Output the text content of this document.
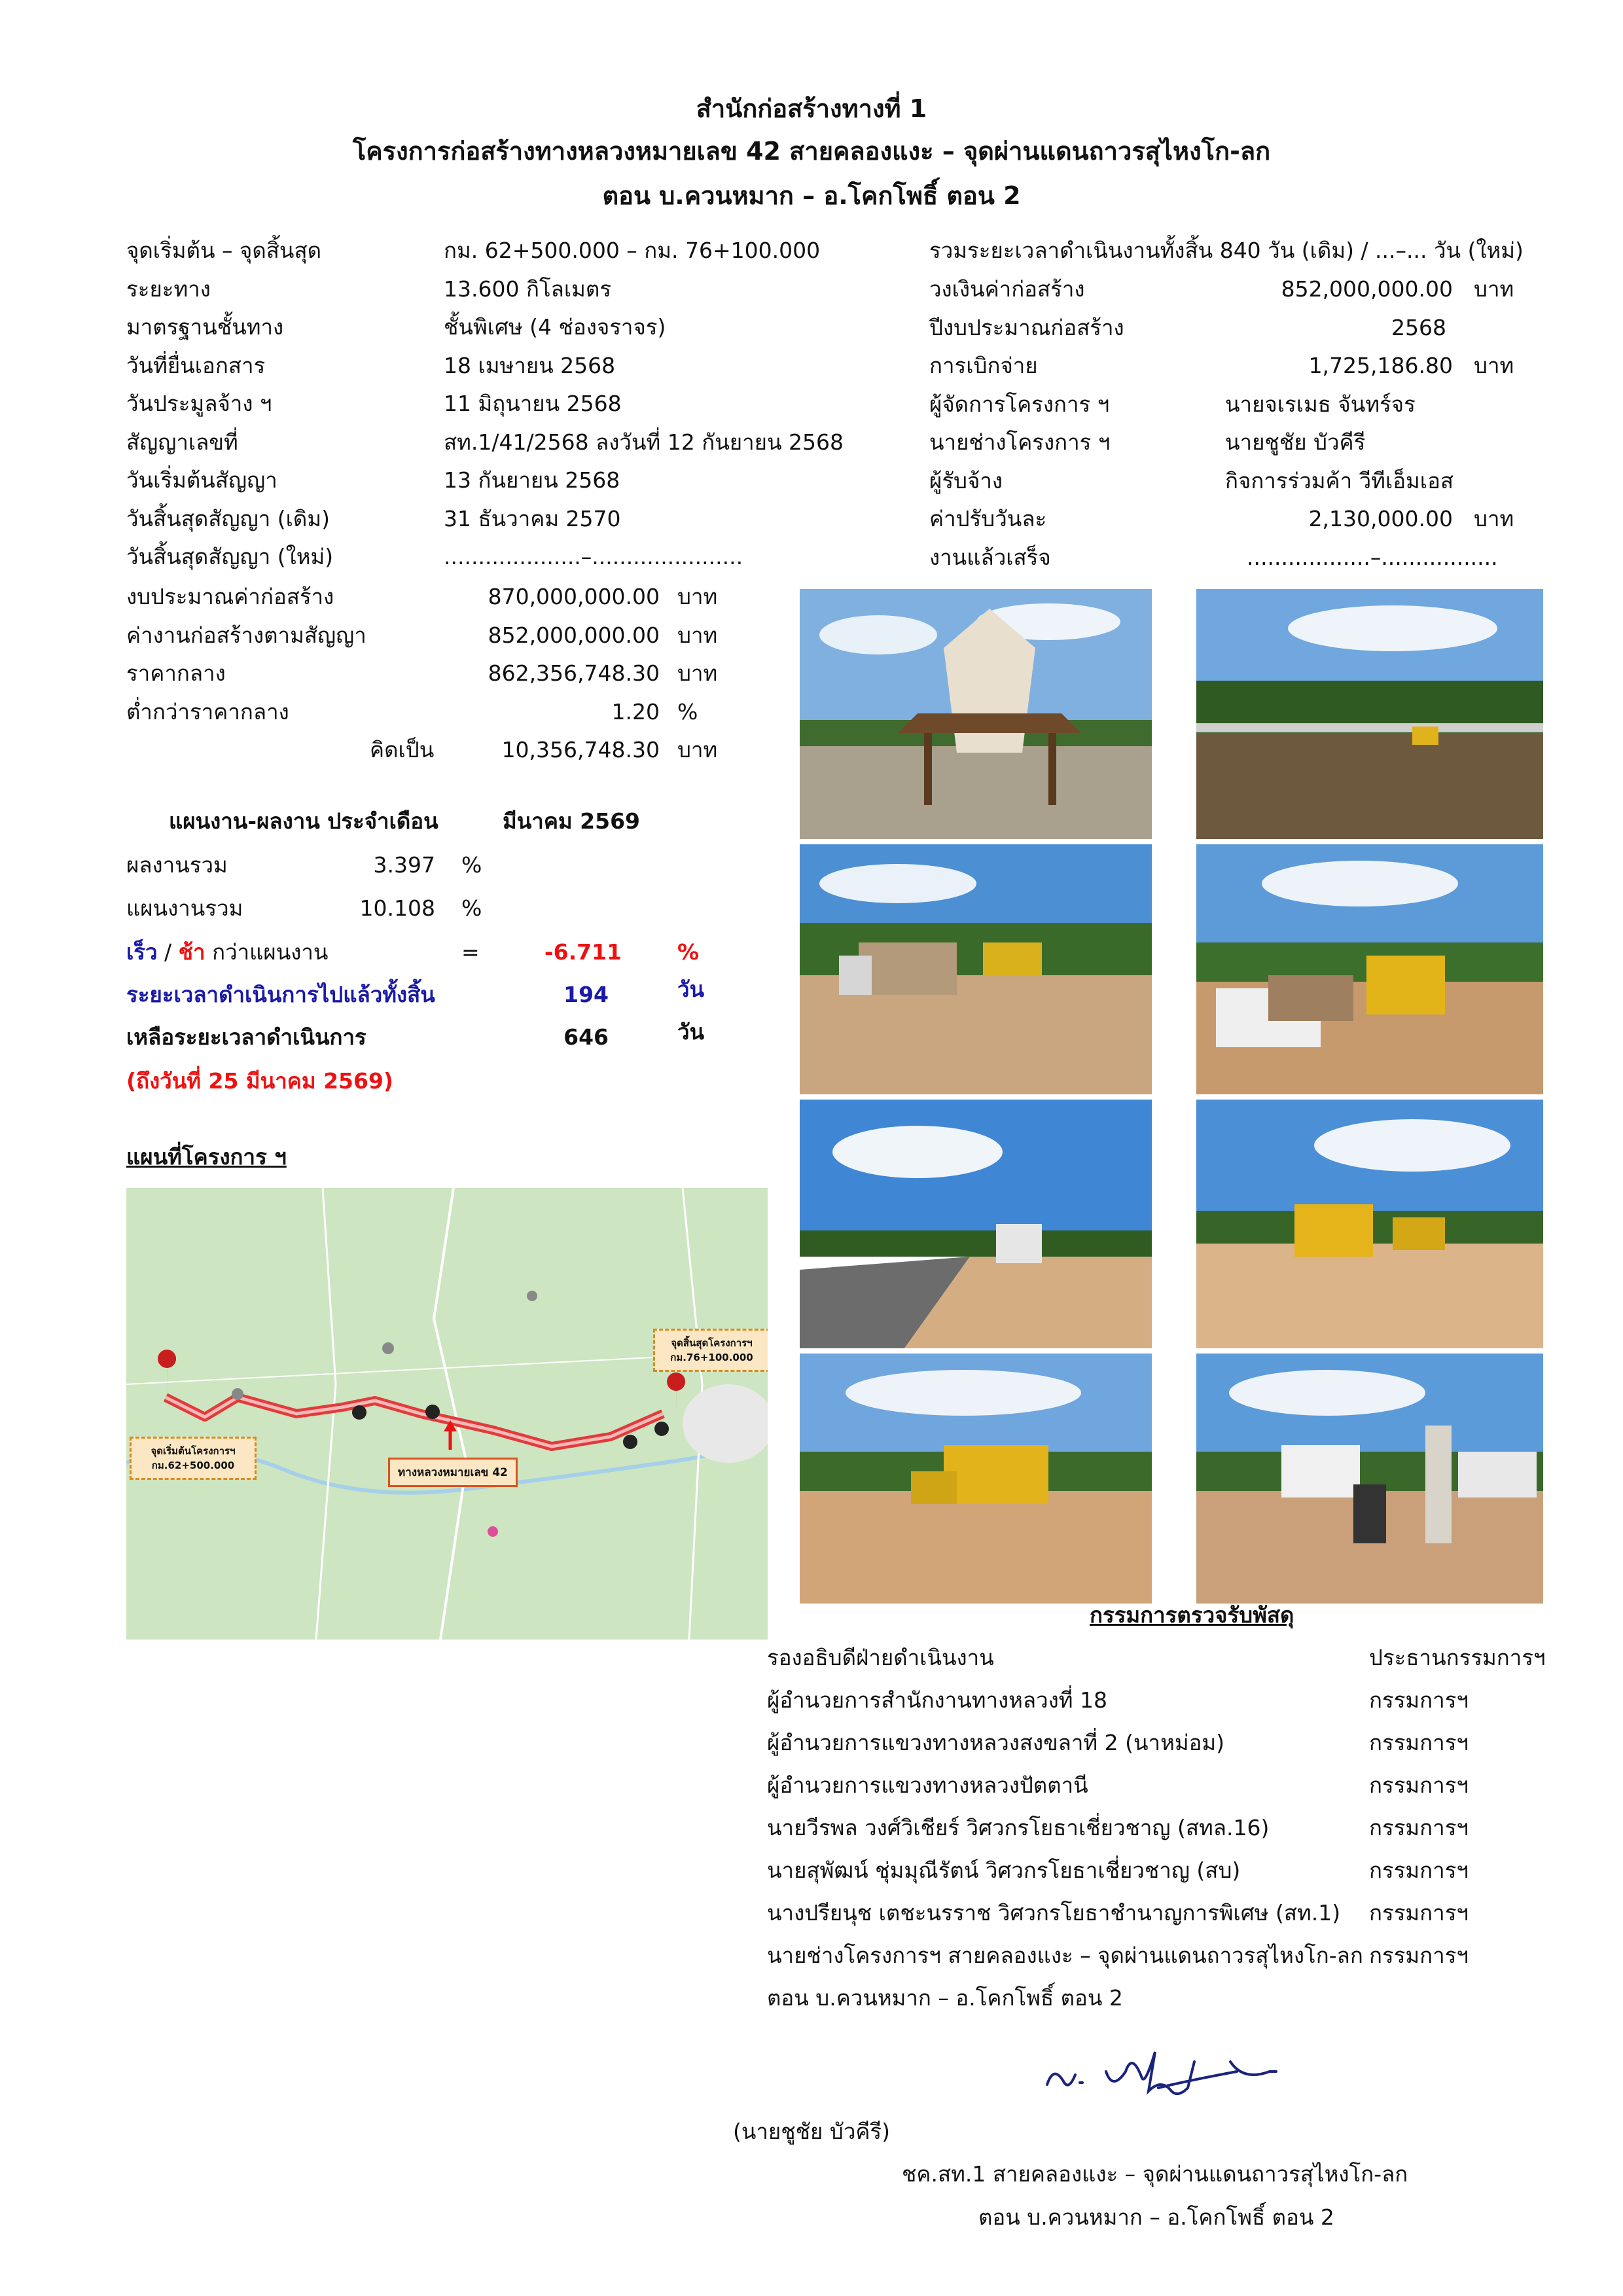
สำนักก่อสร้างทางที่ 1
โครงการก่อสร้างทางหลวงหมายเลข 42 สายคลองแงะ – จุดผ่านแดนถาวรสุไหงโก-ลก
ตอน บ.ควนหมาก – อ.โคกโพธิ์ ตอน 2
จุดเริ่มต้น – จุดสิ้นสุด	กม. 62+500.000 – กม. 76+100.000
ระยะทาง	13.600 กิโลเมตร
มาตรฐานชั้นทาง	ชั้นพิเศษ (4 ช่องจราจร)
วันที่ยื่นเอกสาร	18 เมษายน 2568
วันประมูลจ้าง ฯ	11 มิถุนายน 2568
สัญญาเลขที่	สท.1/41/2568 ลงวันที่ 12 กันยายน 2568
วันเริ่มต้นสัญญา	13 กันยายน 2568
วันสิ้นสุดสัญญา (เดิม)	31 ธันวาคม 2570
วันสิ้นสุดสัญญา (ใหม่)	....................–......................
รวมระยะเวลาดำเนินงานทั้งสิ้น 840 วัน (เดิม) / ...–... วัน (ใหม่)
วงเงินค่าก่อสร้าง	852,000,000.00 บาท
ปีงบประมาณก่อสร้าง	2568
การเบิกจ่าย	1,725,186.80 บาท
ผู้จัดการโครงการ ฯ	นายจเรเมธ จันทร์จร
นายช่างโครงการ ฯ	นายชูชัย บัวคีรี
ผู้รับจ้าง	กิจการร่วมค้า วีทีเอ็มเอส
ค่าปรับวันละ	2,130,000.00 บาท
งานแล้วเสร็จ	..................–.................
งบประมาณค่าก่อสร้าง	870,000,000.00 บาท
ค่างานก่อสร้างตามสัญญา	852,000,000.00 บาท
ราคากลาง	862,356,748.30 บาท
ต่ำกว่าราคากลาง	1.20 %
คิดเป็น	10,356,748.30 บาท
แผนงาน-ผลงาน ประจำเดือน	มีนาคม 2569
ผลงานรวม	3.397 %
แผนงานรวม	10.108 %
เร็ว / ช้า กว่าแผนงาน	=	-6.711	%
ระยะเวลาดำเนินการไปแล้วทั้งสิ้น	194	วัน
เหลือระยะเวลาดำเนินการ	646	วัน
(ถึงวันที่ 25 มีนาคม 2569)
แผนที่โครงการ ฯ
จุดเริ่มต้นโครงการฯ
กม.62+500.000
จุดสิ้นสุดโครงการฯ
กม.76+100.000
ทางหลวงหมายเลข 42
กรรมการตรวจรับพัสดุ
รองอธิบดีฝ่ายดำเนินงาน	ประธานกรรมการฯ
ผู้อำนวยการสำนักงานทางหลวงที่ 18	กรรมการฯ
ผู้อำนวยการแขวงทางหลวงสงขลาที่ 2 (นาหม่อม)	กรรมการฯ
ผู้อำนวยการแขวงทางหลวงปัตตานี	กรรมการฯ
นายวีรพล วงศ์วิเชียร์ วิศวกรโยธาเชี่ยวชาญ (สทล.16)	กรรมการฯ
นายสุพัฒน์ ชุ่มมุณีรัตน์ วิศวกรโยธาเชี่ยวชาญ (สบ)	กรรมการฯ
นางปรียนุช เตชะนรราช วิศวกรโยธาชำนาญการพิเศษ (สท.1) กรรมการฯ
นายช่างโครงการฯ สายคลองแงะ – จุดผ่านแดนถาวรสุไหงโก-ลก กรรมการฯ
ตอน บ.ควนหมาก – อ.โคกโพธิ์ ตอน 2
(นายชูชัย บัวคีรี)
ชค.สท.1 สายคลองแงะ – จุดผ่านแดนถาวรสุไหงโก-ลก
ตอน บ.ควนหมาก – อ.โคกโพธิ์ ตอน 2
